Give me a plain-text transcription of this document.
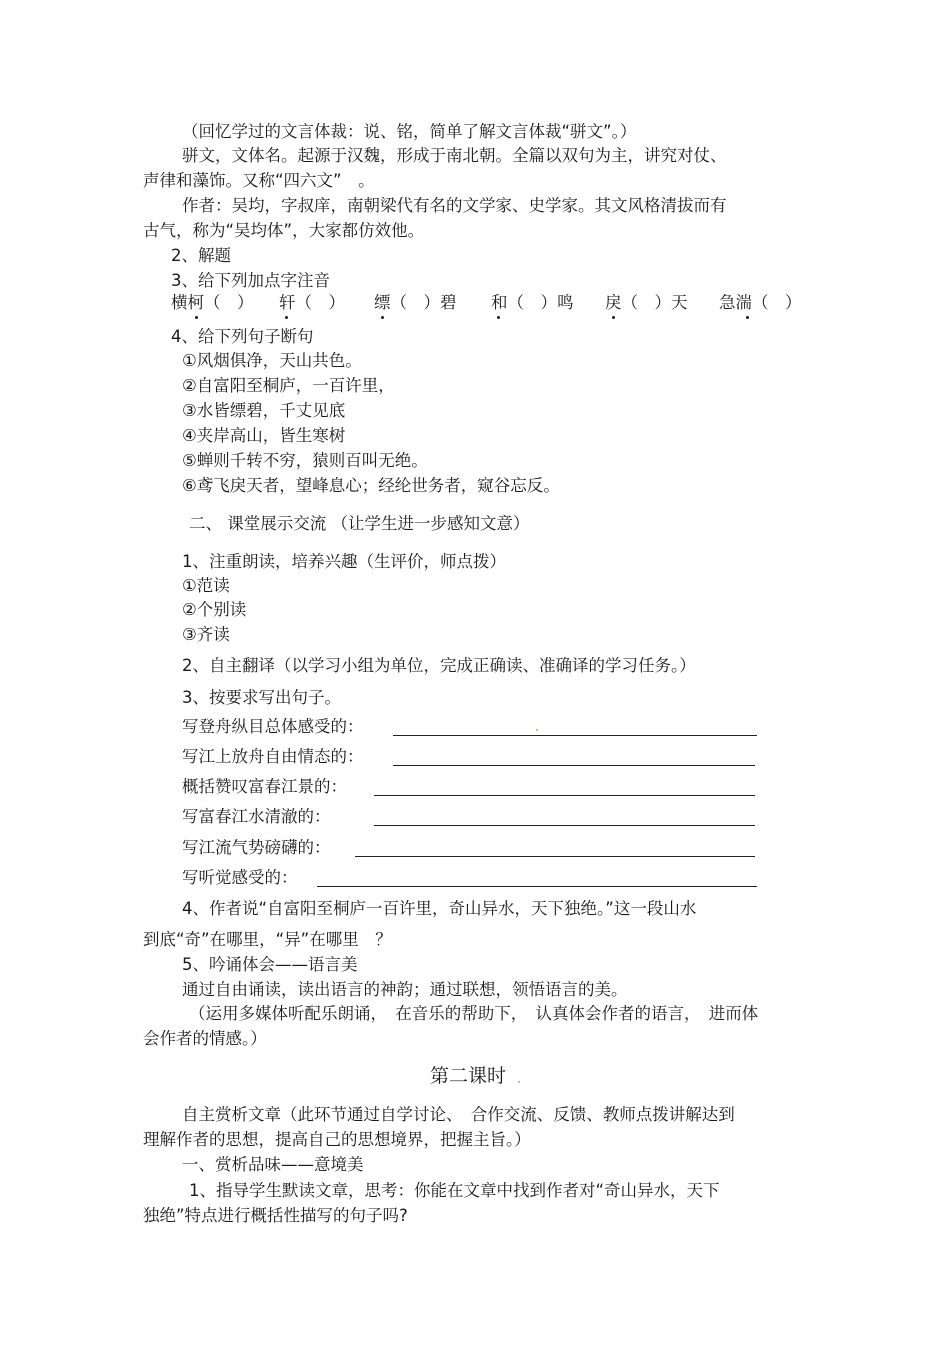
（回忆学过的文言体裁：说、铭，简单了解文言体裁“骈文”。）
骈文，文体名。起源于汉魏，形成于南北朝。全篇以双句为主，讲究对仗、
声律和藻饰。又称“四六文”　。
作者：吴均，字叔庠，南朝梁代有名的文学家、史学家。其文风格清拔而有
古气，称为“吴均体”，大家都仿效他。
2、解题
3、给下列加点字注音
横柯（　） 轩（　） 缥（　）碧 和（　）鸣 戾（　）天 急湍（　）
4、给下列句子断句
①风烟俱净，天山共色。
②自富阳至桐庐，一百许里，
③水皆缥碧，千丈见底
④夹岸高山，皆生寒树
⑤蝉则千转不穷，猿则百叫无绝。
⑥鸢飞戾天者，望峰息心；经纶世务者，窥谷忘反。
二、 课堂展示交流 （让学生进一步感知文意）
1、注重朗读，培养兴趣（生评价，师点拨）
①范读
②个别读
③齐读
2、自主翻译（以学习小组为单位，完成正确读、准确译的学习任务。）
3、按要求写出句子。
写登舟纵目总体感受的：
写江上放舟自由情态的：
概括赞叹富春江景的：
写富春江水清澈的：
写江流气势磅礴的：
写听觉感受的：
4、作者说“自富阳至桐庐一百许里，奇山异水，天下独绝。”这一段山水
到底“奇”在哪里，“异”在哪里　？
5、吟诵体会——语言美
通过自由诵读，读出语言的神韵；通过联想，领悟语言的美。
（运用多媒体听配乐朗诵，　在音乐的帮助下，　认真体会作者的语言，　进而体
会作者的情感。）
第二课时
自主赏析文章（此环节通过自学讨论、　合作交流、反馈、教师点拨讲解达到
理解作者的思想，提高自己的思想境界，把握主旨。）
一、赏析品味——意境美
1、指导学生默读文章，思考：你能在文章中找到作者对“奇山异水，天下
独绝”特点进行概括性描写的句子吗?
